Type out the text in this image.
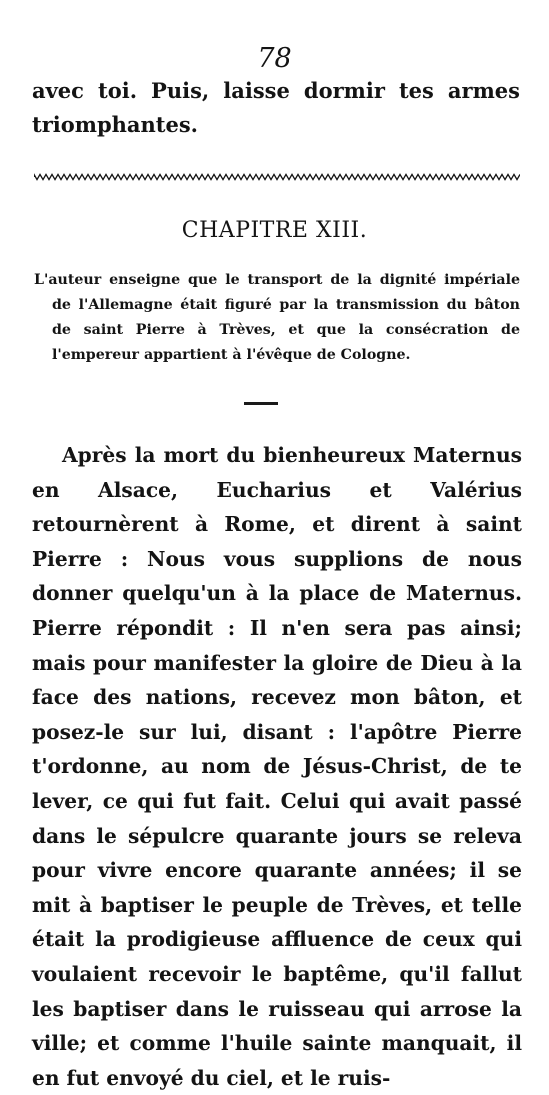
78
avec toi. Puis, laisse dormir tes armes triomphantes.
CHAPITRE XIII.
L'auteur enseigne que le transport de la dignité impériale de l'Allemagne était figuré par la transmission du bâton de saint Pierre à Trèves, et que la consécration de l'empereur appartient à l'évêque de Cologne.
Après la mort du bienheureux Maternus en Alsace, Eucharius et Valérius retournèrent à Rome, et dirent à saint Pierre : Nous vous supplions de nous donner quelqu'un à la place de Maternus. Pierre répondit : Il n'en sera pas ainsi; mais pour manifester la gloire de Dieu à la face des nations, recevez mon bâton, et posez-le sur lui, disant : l'apôtre Pierre t'ordonne, au nom de Jésus-Christ, de te lever, ce qui fut fait. Celui qui avait passé dans le sépulcre quarante jours se releva pour vivre encore quarante années; il se mit à baptiser le peuple de Trèves, et telle était la prodigieuse affluence de ceux qui voulaient recevoir le baptême, qu'il fallut les baptiser dans le ruisseau qui arrose la ville; et comme l'huile sainte manquait, il en fut envoyé du ciel, et le ruis-
